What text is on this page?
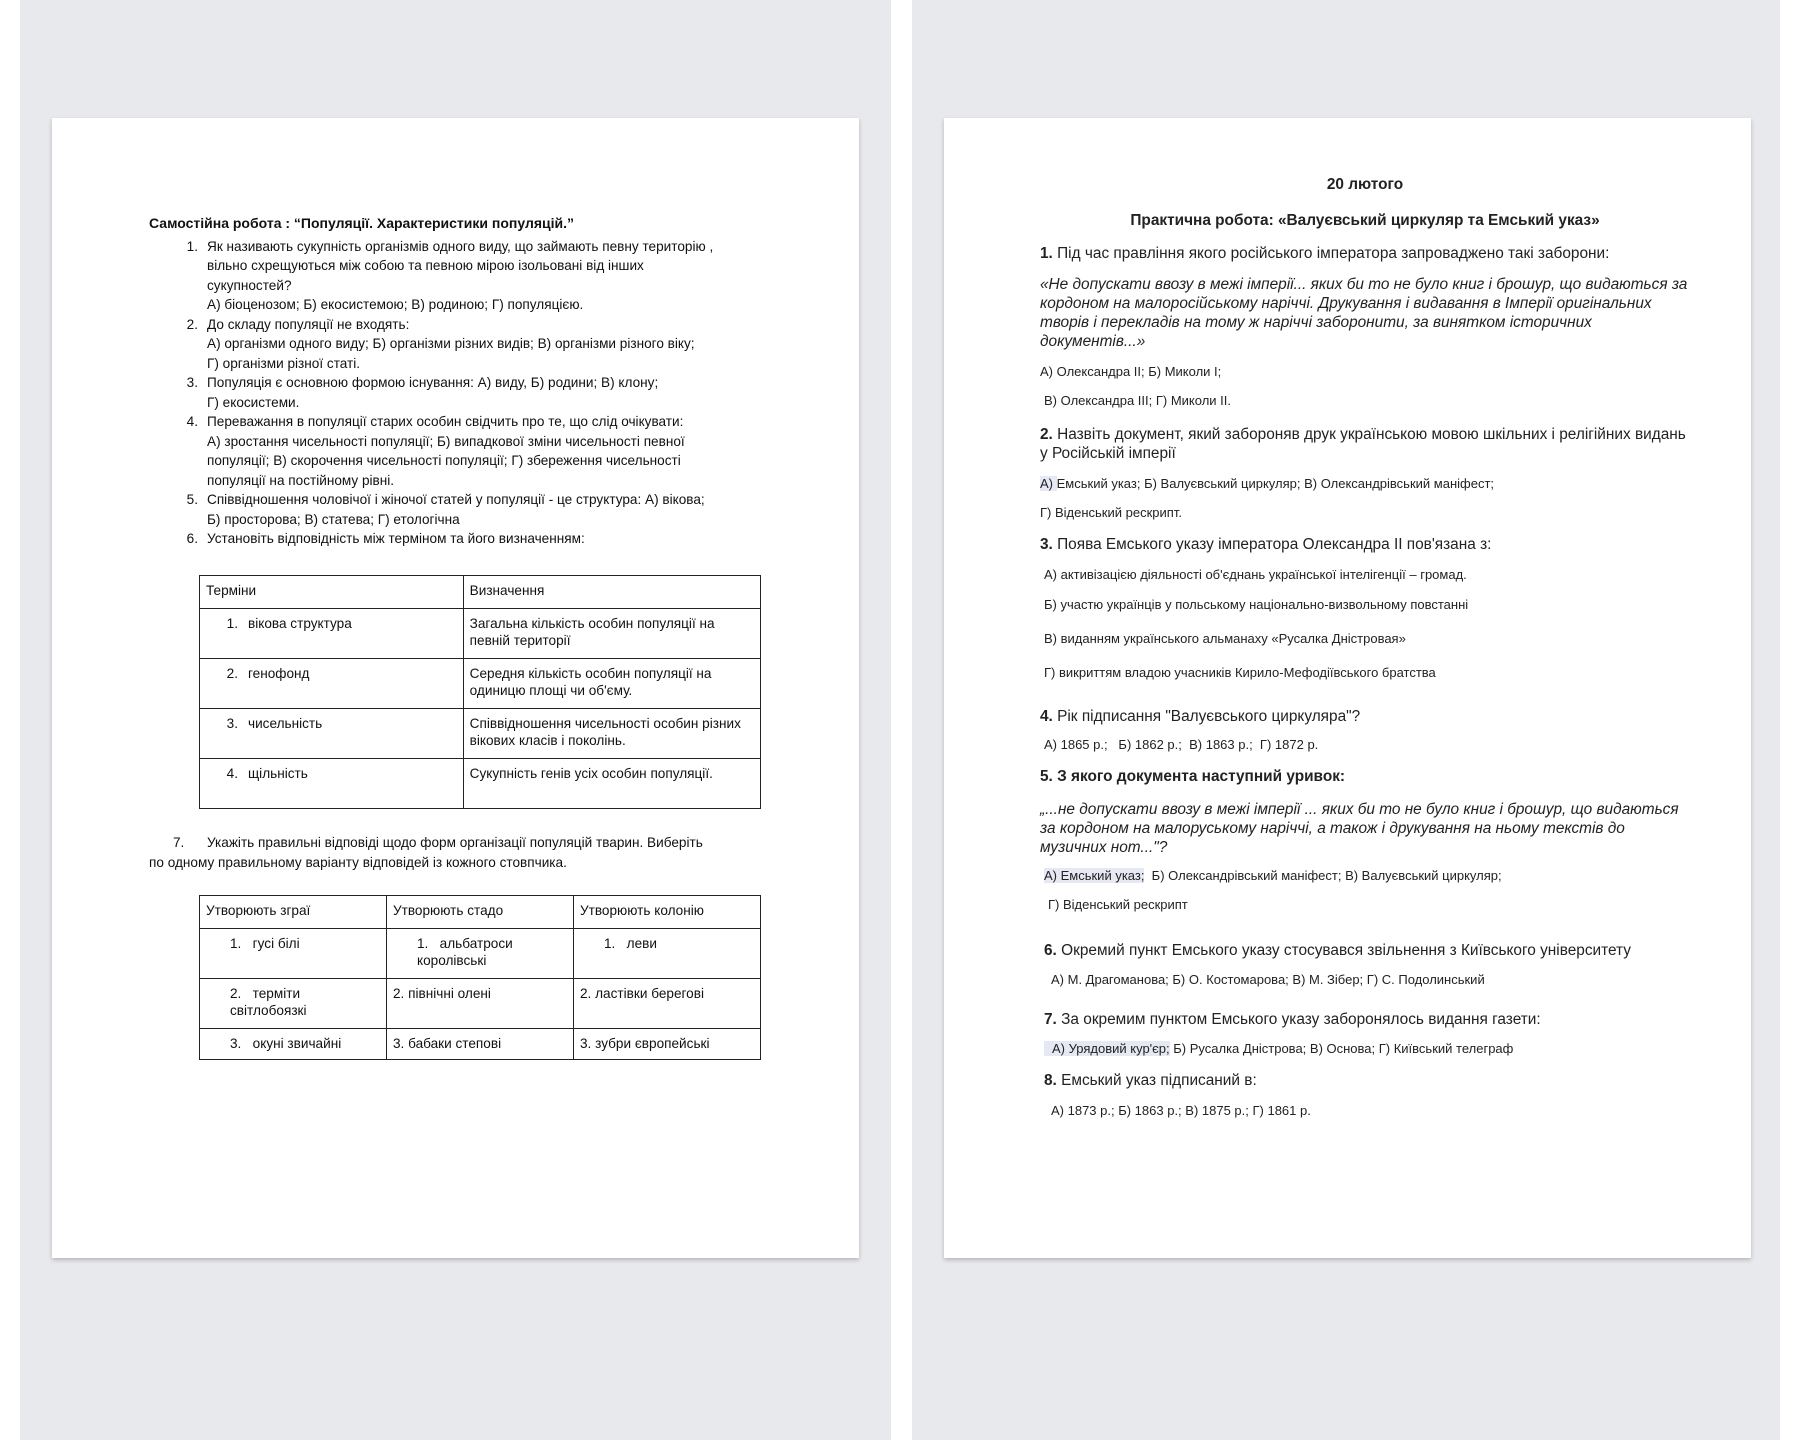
Самостійна робота : “Популяції. Характеристики популяцій.”

1. Як називають сукупність організмів одного виду, що займають певну територію ,
вільно схрещуються між собою та певною мірою ізольовані від інших
сукупностей?
А) біоценозом; Б) екосистемою; В) родиною; Г) популяцією.
2. До складу популяції не входять:
А) організми одного виду; Б) організми різних видів; В) організми різного віку;
Г) організми різної статі.
3. Популяція є основною формою існування: А) виду, Б) родини; В) клону;
Г) екосистеми.
4. Переважання в популяції старих особин свідчить про те, що слід очікувати:
А) зростання чисельності популяції; Б) випадкової зміни чисельності певної
популяції; В) скорочення чисельності популяції; Г) збереження чисельності
популяції на постійному рівні.
5. Співвідношення чоловічої і жіночої статей у популяції - це структура: А) вікова;
Б) просторова; В) статева; Г) етологічна
6. Установіть відповідність між терміном та його визначенням:
Терміни	Визначення
1. вікова структура	Загальна кількість особин популяції на певній території
2. генофонд	Середня кількість особин популяції на одиницю площі чи об'єму.
3. чисельність	Співвідношення чисельності особин різних вікових класів і поколінь.
4. щільність	Сукупність генів усіх особин популяції.
7.      Укажіть правильні відповіді щодо форм організації популяцій тварин. Виберіть
по одному правильному варіанту відповідей із кожного стовпчика.
Утворюють зграї	Утворюють стадо	Утворюють колонію
1.   гусі білі	1.   альбатроси королівські	1.   леви
2.   терміти світлобоязкі	2. північні олені	2. ластівки берегові
3.   окуні звичайні	3. бабаки степові	3. зубри європейські

20 лютого

Практична робота: «Валуєвський циркуляр та Емський указ»

1. Під час правління якого російського імператора запроваджено такі заборони:

«Не допускати ввозу в межі імперії... яких би то не було книг і брошур, що видаються за кордоном на малоросійському наріччі. Друкування і видавання в Імперії оригінальних творів і перекладів на тому ж наріччі заборонити, за винятком історичних документів...»

А) Олександра II; Б) Миколи I;

В) Олександра III; Г) Миколи II.

2. Назвіть документ, який забороняв друк українською мовою шкільних і релігійних видань у Російській імперії

А) Емський указ; Б) Валуєвський циркуляр; В) Олександрівський маніфест;

Г) Віденський рескрипт.

3. Поява Емського указу імператора Олександра ІІ пов'язана з:

А) активізацією діяльності об'єднань української інтелігенції – громад.

Б) участю українців у польському національно-визвольному повстанні

В) виданням українського альманаху «Русалка Дністровая»

Г) викриттям владою учасників Кирило-Мефодіївського братства

4. Рік підписання "Валуєвського циркуляра"?

А) 1865 р.;   Б) 1862 р.;  В) 1863 р.;  Г) 1872 р.

5. З якого документа наступний уривок:

„...не допускати ввозу в межі імперії ... яких би то не було книг і брошур, що видаються за кордоном на малоруському наріччі, а також і друкування на ньому текстів до музичних нот..."?

А) Емський указ;  Б) Олександрівський маніфест; В) Валуєвський циркуляр;

Г) Віденський рескрипт

6. Окремий пункт Емського указу стосувався звільнення з Київського університету

А) М. Драгоманова; Б) О. Костомарова; В) М. Зібер; Г) С. Подолинський

7. За окремим пунктом Емського указу заборонялось видання газети:

А) Урядовий кур'єр; Б) Русалка Дністрова; В) Основа; Г) Київський телеграф

8. Емський указ підписаний в:

А) 1873 р.; Б) 1863 р.; В) 1875 р.; Г) 1861 р.
